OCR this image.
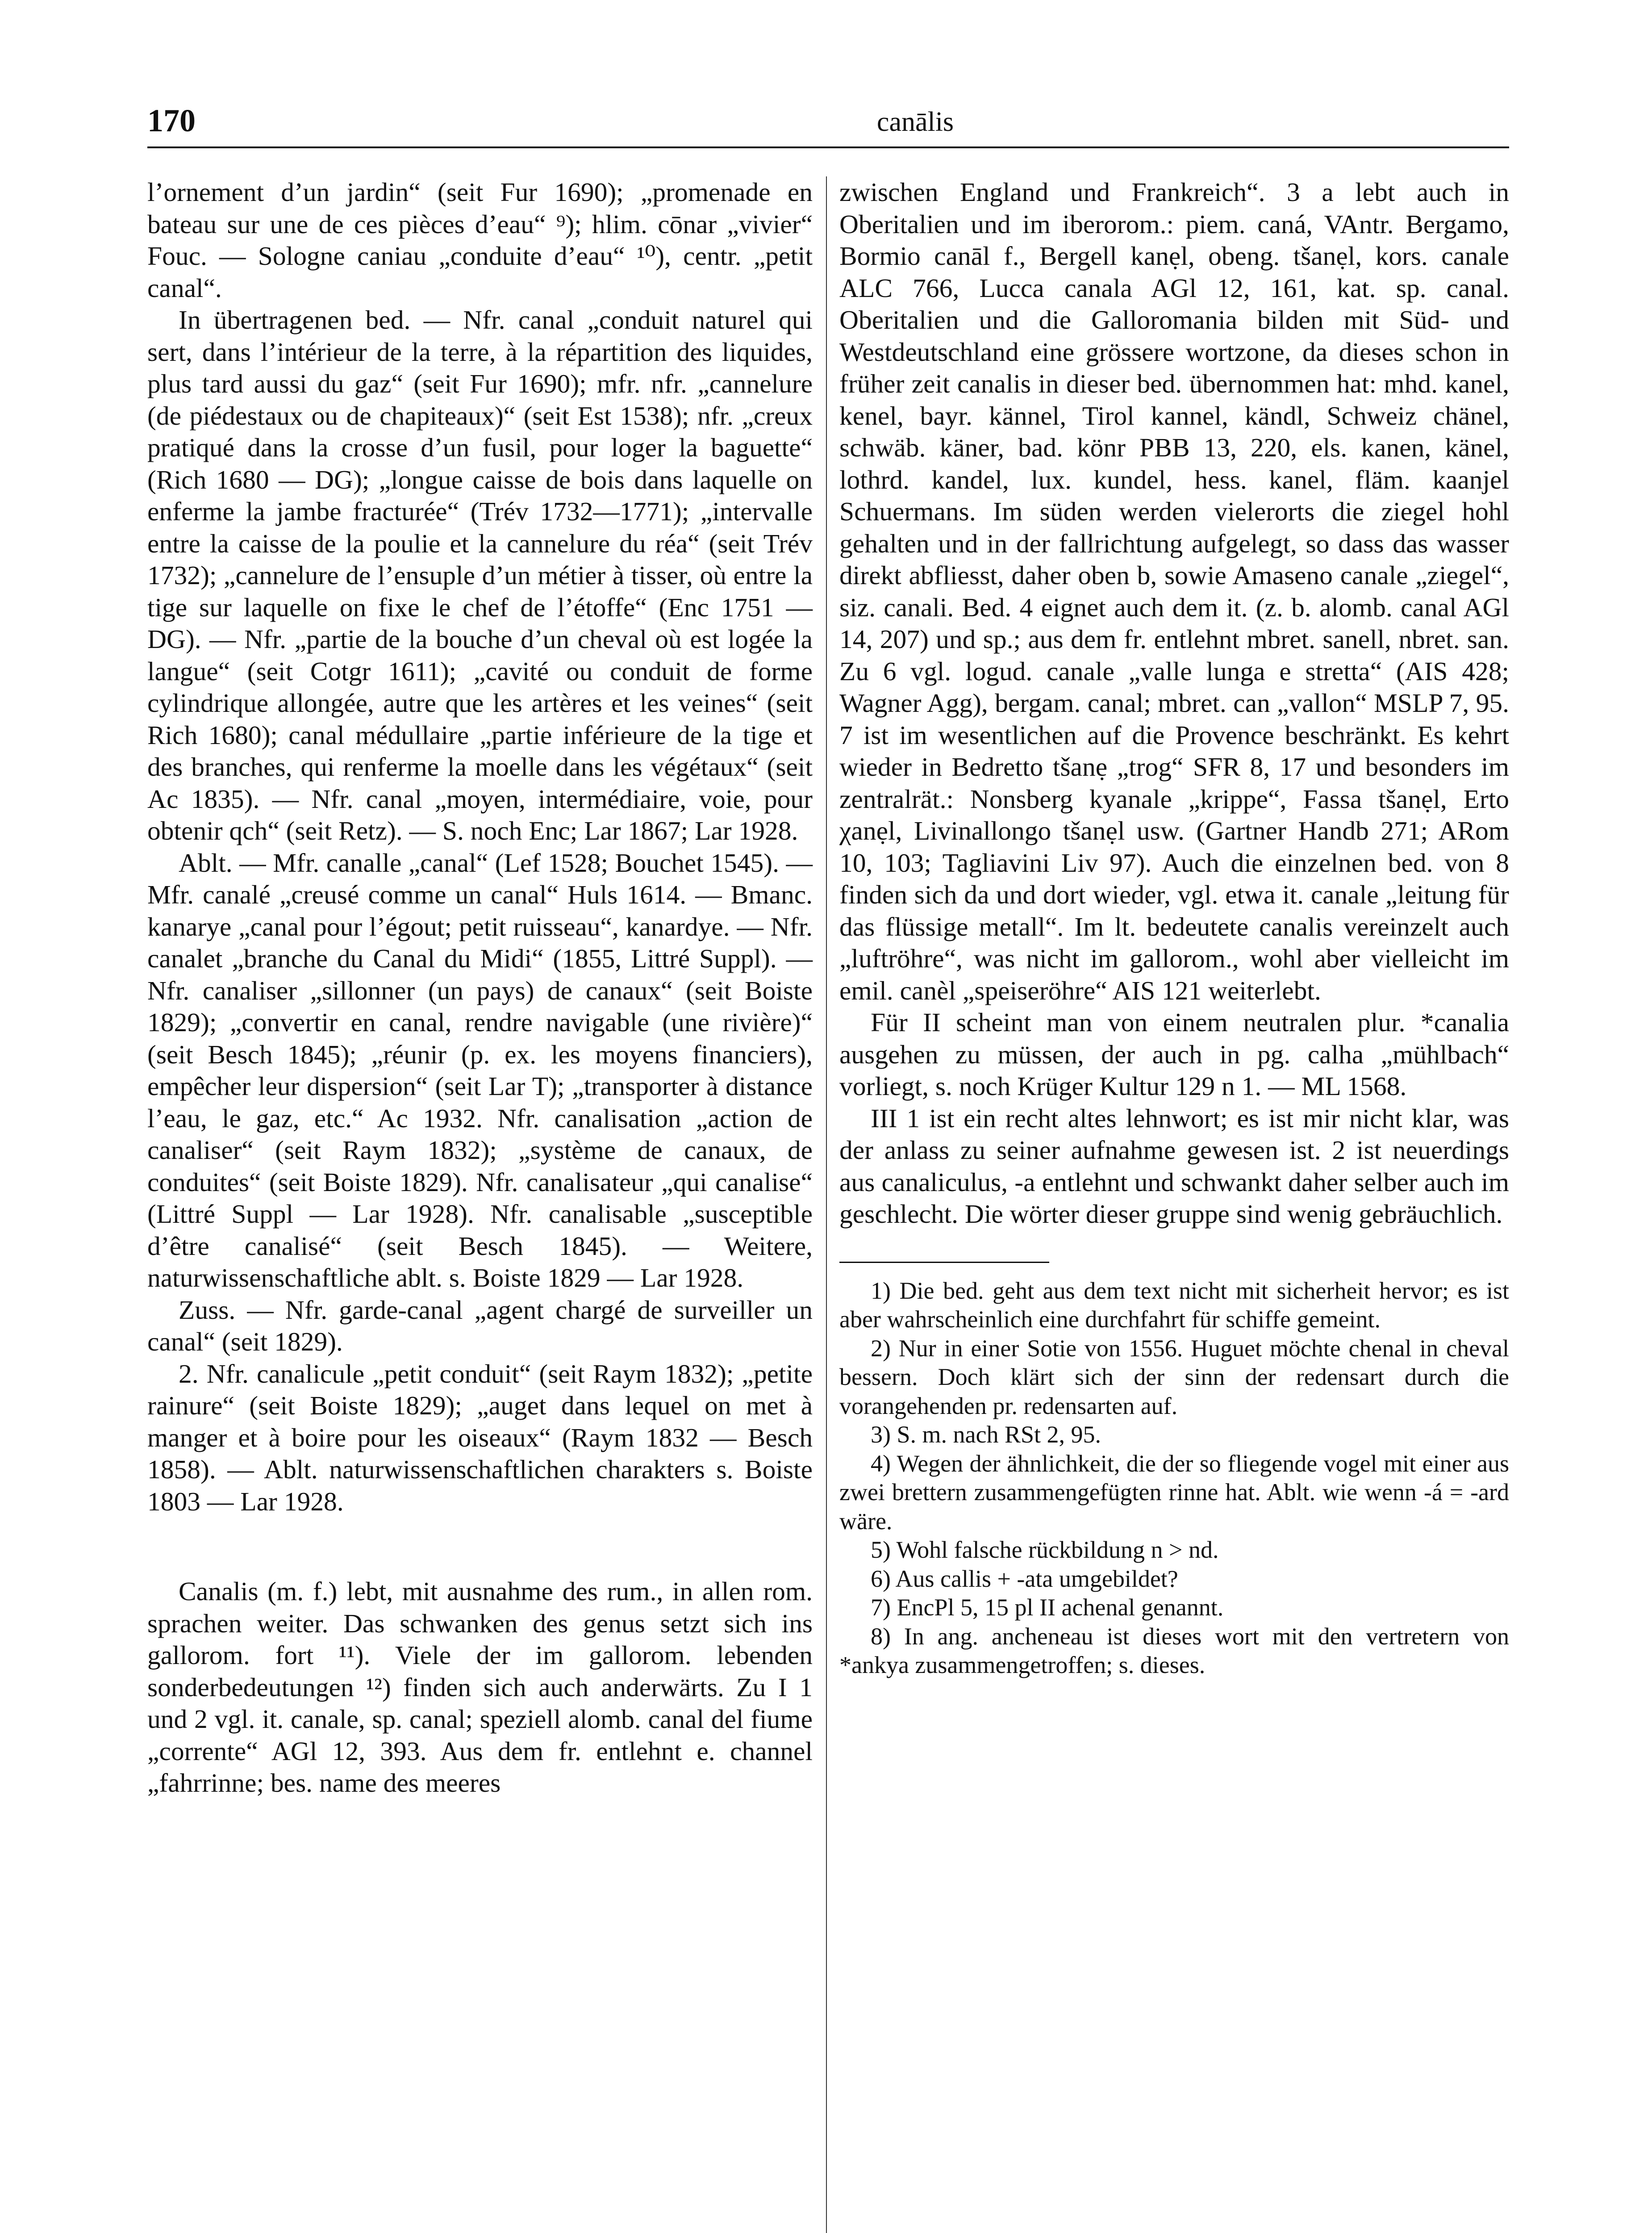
170	canālis

l’ornement d’un jardin“ (seit Fur 1690); „promenade en bateau sur une de ces pièces d’eau“ ⁹); hlim. cōnar „vivier“ Fouc. — Sologne caniau „conduite d’eau“ ¹⁰), centr. „petit canal“.

In übertragenen bed. — Nfr. canal „conduit naturel qui sert, dans l’intérieur de la terre, à la répartition des liquides, plus tard aussi du gaz“ (seit Fur 1690); mfr. nfr. „cannelure (de piédestaux ou de chapiteaux)“ (seit Est 1538); nfr. „creux pratiqué dans la crosse d’un fusil, pour loger la baguette“ (Rich 1680 — DG); „longue caisse de bois dans laquelle on enferme la jambe fracturée“ (Trév 1732—1771); „intervalle entre la caisse de la poulie et la cannelure du réa“ (seit Trév 1732); „cannelure de l’ensuple d’un métier à tisser, où entre la tige sur laquelle on fixe le chef de l’étoffe“ (Enc 1751 — DG). — Nfr. „partie de la bouche d’un cheval où est logée la langue“ (seit Cotgr 1611); „cavité ou conduit de forme cylindrique allongée, autre que les artères et les veines“ (seit Rich 1680); canal médullaire „partie inférieure de la tige et des branches, qui renferme la moelle dans les végétaux“ (seit Ac 1835). — Nfr. canal „moyen, intermédiaire, voie, pour obtenir qch“ (seit Retz). — S. noch Enc; Lar 1867; Lar 1928.

Ablt. — Mfr. canalle „canal“ (Lef 1528; Bouchet 1545). — Mfr. canalé „creusé comme un canal“ Huls 1614. — Bmanc. kanarye „canal pour l’égout; petit ruisseau“, kanardye. — Nfr. canalet „branche du Canal du Midi“ (1855, Littré Suppl). — Nfr. canaliser „sillonner (un pays) de canaux“ (seit Boiste 1829); „convertir en canal, rendre navigable (une rivière)“ (seit Besch 1845); „réunir (p. ex. les moyens financiers), empêcher leur dispersion“ (seit Lar T); „transporter à distance l’eau, le gaz, etc.“ Ac 1932. Nfr. canalisation „action de canaliser“ (seit Raym 1832); „système de canaux, de conduites“ (seit Boiste 1829). Nfr. canalisateur „qui canalise“ (Littré Suppl — Lar 1928). Nfr. canalisable „susceptible d’être canalisé“ (seit Besch 1845). — Weitere, naturwissenschaftliche ablt. s. Boiste 1829 — Lar 1928.

Zuss. — Nfr. garde-canal „agent chargé de surveiller un canal“ (seit 1829).

2. Nfr. canalicule „petit conduit“ (seit Raym 1832); „petite rainure“ (seit Boiste 1829); „auget dans lequel on met à manger et à boire pour les oiseaux“ (Raym 1832 — Besch 1858). — Ablt. naturwissenschaftlichen charakters s. Boiste 1803 — Lar 1928.

Canalis (m. f.) lebt, mit ausnahme des rum., in allen rom. sprachen weiter. Das schwanken des genus setzt sich ins gallorom. fort ¹¹). Viele der im gallorom. lebenden sonderbedeutungen ¹²) finden sich auch anderwärts. Zu I 1 und 2 vgl. it. canale, sp. canal; speziell alomb. canal del fiume „corrente“ AGl 12, 393. Aus dem fr. entlehnt e. channel „fahrrinne; bes. name des meeres

zwischen England und Frankreich“. 3 a lebt auch in Oberitalien und im iberorom.: piem. caná, VAntr. Bergamo, Bormio canāl f., Bergell kanẹl, obeng. tšanẹl, kors. canale ALC 766, Lucca canala AGl 12, 161, kat. sp. canal. Oberitalien und die Galloromania bilden mit Süd- und Westdeutschland eine grössere wortzone, da dieses schon in früher zeit canalis in dieser bed. übernommen hat: mhd. kanel, kenel, bayr. kännel, Tirol kannel, kändl, Schweiz chänel, schwäb. käner, bad. könr PBB 13, 220, els. kanen, känel, lothrd. kandel, lux. kundel, hess. kanel, fläm. kaanjel Schuermans. Im süden werden vielerorts die ziegel hohl gehalten und in der fallrichtung aufgelegt, so dass das wasser direkt abfliesst, daher oben b, sowie Amaseno canale „ziegel“, siz. canali. Bed. 4 eignet auch dem it. (z. b. alomb. canal AGl 14, 207) und sp.; aus dem fr. entlehnt mbret. sanell, nbret. san. Zu 6 vgl. logud. canale „valle lunga e stretta“ (AIS 428; Wagner Agg), bergam. canal; mbret. can „vallon“ MSLP 7, 95. 7 ist im wesentlichen auf die Provence beschränkt. Es kehrt wieder in Bedretto tšanẹ „trog“ SFR 8, 17 und besonders im zentralrät.: Nonsberg kyanale „krippe“, Fassa tšanẹl, Erto χanẹl, Livinallongo tšanẹl usw. (Gartner Handb 271; ARom 10, 103; Tagliavini Liv 97). Auch die einzelnen bed. von 8 finden sich da und dort wieder, vgl. etwa it. canale „leitung für das flüssige metall“. Im lt. bedeutete canalis vereinzelt auch „luftröhre“, was nicht im gallorom., wohl aber vielleicht im emil. canèl „speiseröhre“ AIS 121 weiterlebt.

Für II scheint man von einem neutralen plur. *canalia ausgehen zu müssen, der auch in pg. calha „mühlbach“ vorliegt, s. noch Krüger Kultur 129 n 1. — ML 1568.

III 1 ist ein recht altes lehnwort; es ist mir nicht klar, was der anlass zu seiner aufnahme gewesen ist. 2 ist neuerdings aus canaliculus, -a entlehnt und schwankt daher selber auch im geschlecht. Die wörter dieser gruppe sind wenig gebräuchlich.

1) Die bed. geht aus dem text nicht mit sicherheit hervor; es ist aber wahrscheinlich eine durchfahrt für schiffe gemeint.

2) Nur in einer Sotie von 1556. Huguet möchte chenal in cheval bessern. Doch klärt sich der sinn der redensart durch die vorangehenden pr. redensarten auf.

3) S. m. nach RSt 2, 95.

4) Wegen der ähnlichkeit, die der so fliegende vogel mit einer aus zwei brettern zusammengefügten rinne hat. Ablt. wie wenn -á = -ard wäre.

5) Wohl falsche rückbildung n > nd.

6) Aus callis + -ata umgebildet?

7) EncPl 5, 15 pl II achenal genannt.

8) In ang. ancheneau ist dieses wort mit den vertretern von *ankya zusammengetroffen; s. dieses.
